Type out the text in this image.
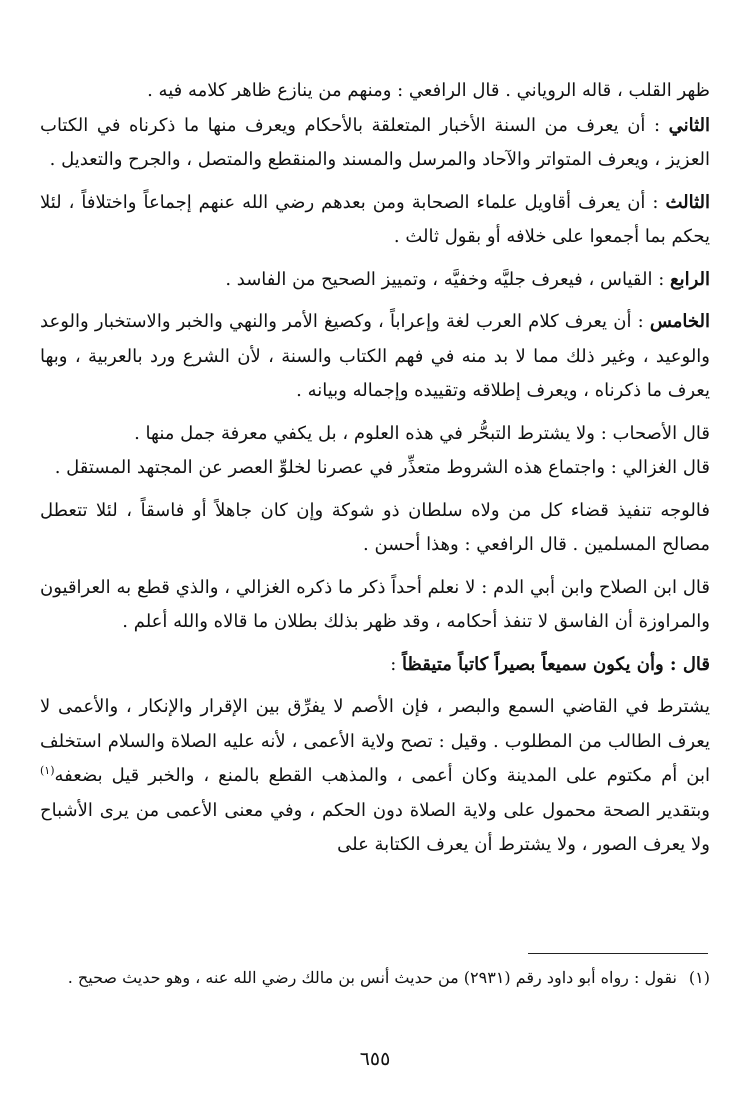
ظهر القلب ، قاله الروياني . قال الرافعي : ومنهم من ينازع ظاهر كلامه فيه .

الثاني : أن يعرف من السنة الأخبار المتعلقة بالأحكام ويعرف منها ما ذكرناه في الكتاب العزيز ، ويعرف المتواتر والآحاد والمرسل والمسند والمنقطع والمتصل ، والجرح والتعديل .

الثالث : أن يعرف أقاويل علماء الصحابة ومن بعدهم رضي الله عنهم إجماعاً واختلافاً ، لئلا يحكم بما أجمعوا على خلافه أو بقول ثالث .

الرابع : القياس ، فيعرف جليَّه وخفيَّه ، وتمييز الصحيح من الفاسد .

الخامس : أن يعرف كلام العرب لغة وإعراباً ، وكصيغ الأمر والنهي والخبر والاستخبار والوعد والوعيد ، وغير ذلك مما لا بد منه في فهم الكتاب والسنة ، لأن الشرع ورد بالعربية ، وبها يعرف ما ذكرناه ، ويعرف إطلاقه وتقييده وإجماله وبيانه .

قال الأصحاب : ولا يشترط التبحُّر في هذه العلوم ، بل يكفي معرفة جمل منها .

قال الغزالي : واجتماع هذه الشروط متعذِّر في عصرنا لخلوِّ العصر عن المجتهد المستقل .

فالوجه تنفيذ قضاء كل من ولاه سلطان ذو شوكة وإن كان جاهلاً أو فاسقاً ، لئلا تتعطل مصالح المسلمين . قال الرافعي : وهذا أحسن .

قال ابن الصلاح وابن أبي الدم : لا نعلم أحداً ذكر ما ذكره الغزالي ، والذي قطع به العراقيون والمراوزة أن الفاسق لا تنفذ أحكامه ، وقد ظهر بذلك بطلان ما قالاه والله أعلم .

قال : وأن يكون سميعاً بصيراً كاتباً متيقظاً :

يشترط في القاضي السمع والبصر ، فإن الأصم لا يفرِّق بين الإقرار والإنكار ، والأعمى لا يعرف الطالب من المطلوب . وقيل : تصح ولاية الأعمى ، لأنه عليه الصلاة والسلام استخلف ابن أم مكتوم على المدينة وكان أعمى ، والمذهب القطع بالمنع ، والخبر قيل بضعفه$^{(١)}$ وبتقدير الصحة محمول على ولاية الصلاة دون الحكم ، وفي معنى الأعمى من يرى الأشباح ولا يعرف الصور ، ولا يشترط أن يعرف الكتابة على

(١)نقول : رواه أبو داود رقم (٢٩٣١) من حديث أنس بن مالك رضي الله عنه ، وهو حديث صحيح .
٦٥٥
